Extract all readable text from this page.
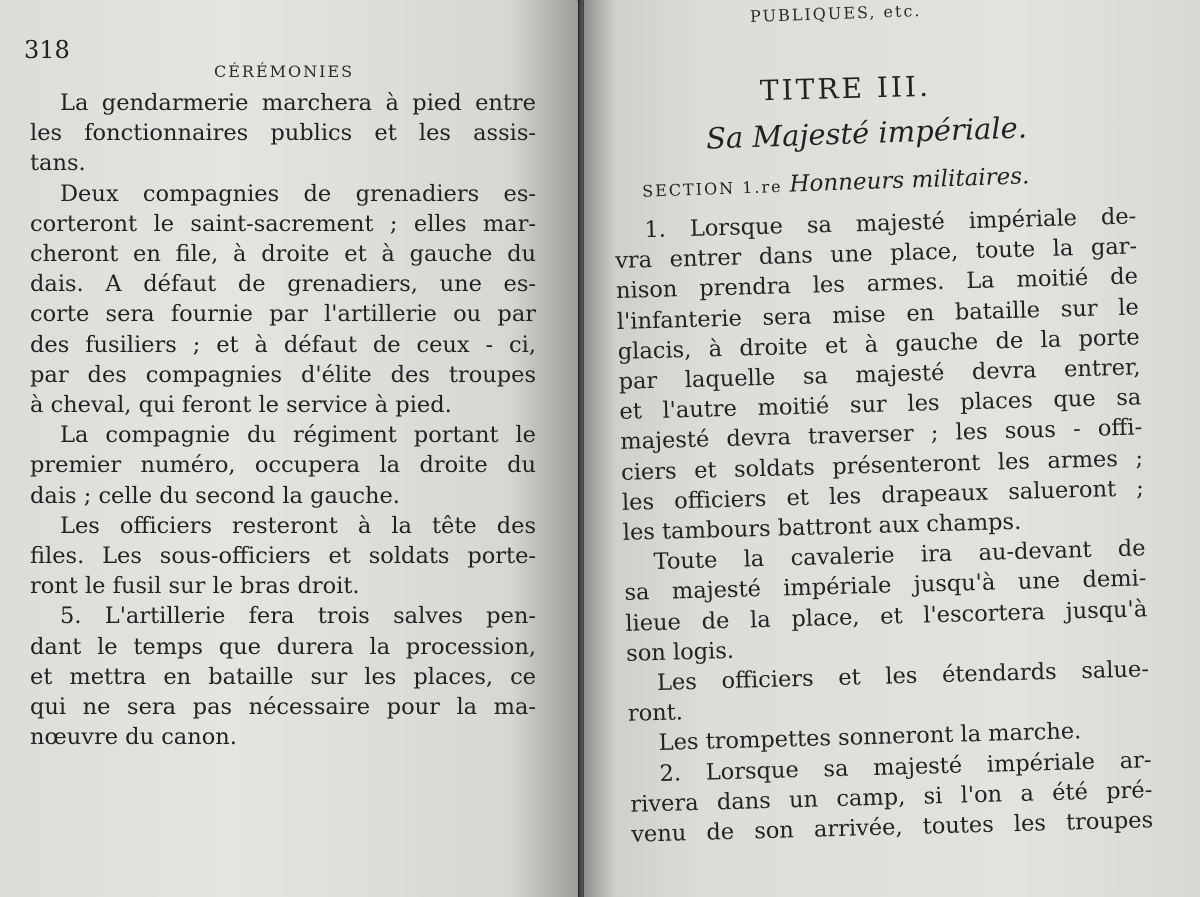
318
CÉRÉMONIES
La gendarmerie marchera à pied entre
les fonctionnaires publics et les assis-
tans.
Deux compagnies de grenadiers es-
corteront le saint-sacrement ; elles mar-
cheront en file, à droite et à gauche du
dais. A défaut de grenadiers, une es-
corte sera fournie par l'artillerie ou par
des fusiliers ; et à défaut de ceux - ci,
par des compagnies d'élite des troupes
à cheval, qui feront le service à pied.
La compagnie du régiment portant le
premier numéro, occupera la droite du
dais ; celle du second la gauche.
Les officiers resteront à la tête des
files. Les sous-officiers et soldats porte-
ront le fusil sur le bras droit.
5. L'artillerie fera trois salves pen-
dant le temps que durera la procession,
et mettra en bataille sur les places, ce
qui ne sera pas nécessaire pour la ma-
nœuvre du canon.
PUBLIQUES, etc.
TITRE III.
Sa Majesté impériale.
SECTION 1.re Honneurs militaires.
1. Lorsque sa majesté impériale de-
vra entrer dans une place, toute la gar-
nison prendra les armes. La moitié de
l'infanterie sera mise en bataille sur le
glacis, à droite et à gauche de la porte
par laquelle sa majesté devra entrer,
et l'autre moitié sur les places que sa
majesté devra traverser ; les sous - offi-
ciers et soldats présenteront les armes ;
les officiers et les drapeaux salueront ;
les tambours battront aux champs.
Toute la cavalerie ira au-devant de
sa majesté impériale jusqu'à une demi-
lieue de la place, et l'escortera jusqu'à
son logis.
Les officiers et les étendards salue-
ront.
Les trompettes sonneront la marche.
2. Lorsque sa majesté impériale ar-
rivera dans un camp, si l'on a été pré-
venu de son arrivée, toutes les troupes
